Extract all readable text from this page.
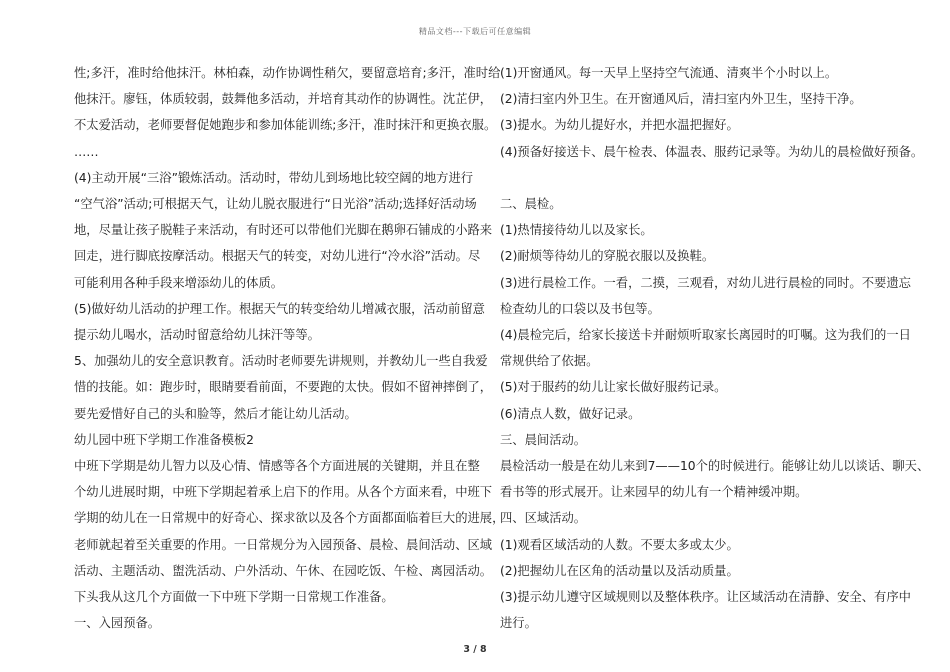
精品文档---下载后可任意编辑

性;多汗，准时给他抹汗。林柏森，动作协调性稍欠，要留意培育;多汗，准时给

他抹汗。廖钰，体质较弱，鼓舞他多活动，并培育其动作的协调性。沈芷伊，

不太爱活动，老师要督促她跑步和参加体能训练;多汗，准时抹汗和更换衣服。

……

(4)主动开展“三浴”锻炼活动。活动时，带幼儿到场地比较空阔的地方进行

“空气浴”活动;可根据天气，让幼儿脱衣服进行“日光浴”活动;选择好活动场

地，尽量让孩子脱鞋子来活动，有时还可以带他们光脚在鹅卵石铺成的小路来

回走，进行脚底按摩活动。根据天气的转变，对幼儿进行“冷水浴”活动。尽

可能利用各种手段来增添幼儿的体质。

(5)做好幼儿活动的护理工作。根据天气的转变给幼儿增减衣服，活动前留意

提示幼儿喝水，活动时留意给幼儿抹汗等等。

5、加强幼儿的安全意识教育。活动时老师要先讲规则，并教幼儿一些自我爱

惜的技能。如：跑步时，眼睛要看前面，不要跑的太快。假如不留神摔倒了，

要先爱惜好自己的头和脸等，然后才能让幼儿活动。

幼儿园中班下学期工作准备模板2

中班下学期是幼儿智力以及心情、情感等各个方面进展的关键期，并且在整

个幼儿进展时期，中班下学期起着承上启下的作用。从各个方面来看，中班下

学期的幼儿在一日常规中的好奇心、探求欲以及各个方面都面临着巨大的进展，

老师就起着至关重要的作用。一日常规分为入园预备、晨检、晨间活动、区域

活动、主题活动、盥洗活动、户外活动、午休、在园吃饭、午检、离园活动。

下头我从这几个方面做一下中班下学期一日常规工作准备。

一、入园预备。

(1)开窗通风。每一天早上坚持空气流通、清爽半个小时以上。

(2)清扫室内外卫生。在开窗通风后，清扫室内外卫生，坚持干净。

(3)提水。为幼儿提好水，并把水温把握好。

(4)预备好接送卡、晨午检表、体温表、服药记录等。为幼儿的晨检做好预备。

二、晨检。

(1)热情接待幼儿以及家长。

(2)耐烦等待幼儿的穿脱衣服以及换鞋。

(3)进行晨检工作。一看，二摸，三观看，对幼儿进行晨检的同时。不要遗忘

检查幼儿的口袋以及书包等。

(4)晨检完后，给家长接送卡并耐烦听取家长离园时的叮嘱。这为我们的一日

常规供给了依据。

(5)对于服药的幼儿让家长做好服药记录。

(6)清点人数，做好记录。

三、晨间活动。

晨检活动一般是在幼儿来到7——10个的时候进行。能够让幼儿以谈话、聊天、

看书等的形式展开。让来园早的幼儿有一个精神缓冲期。

四、区域活动。

(1)观看区域活动的人数。不要太多或太少。

(2)把握幼儿在区角的活动量以及活动质量。

(3)提示幼儿遵守区域规则以及整体秩序。让区域活动在清静、安全、有序中

进行。

3 / 8
